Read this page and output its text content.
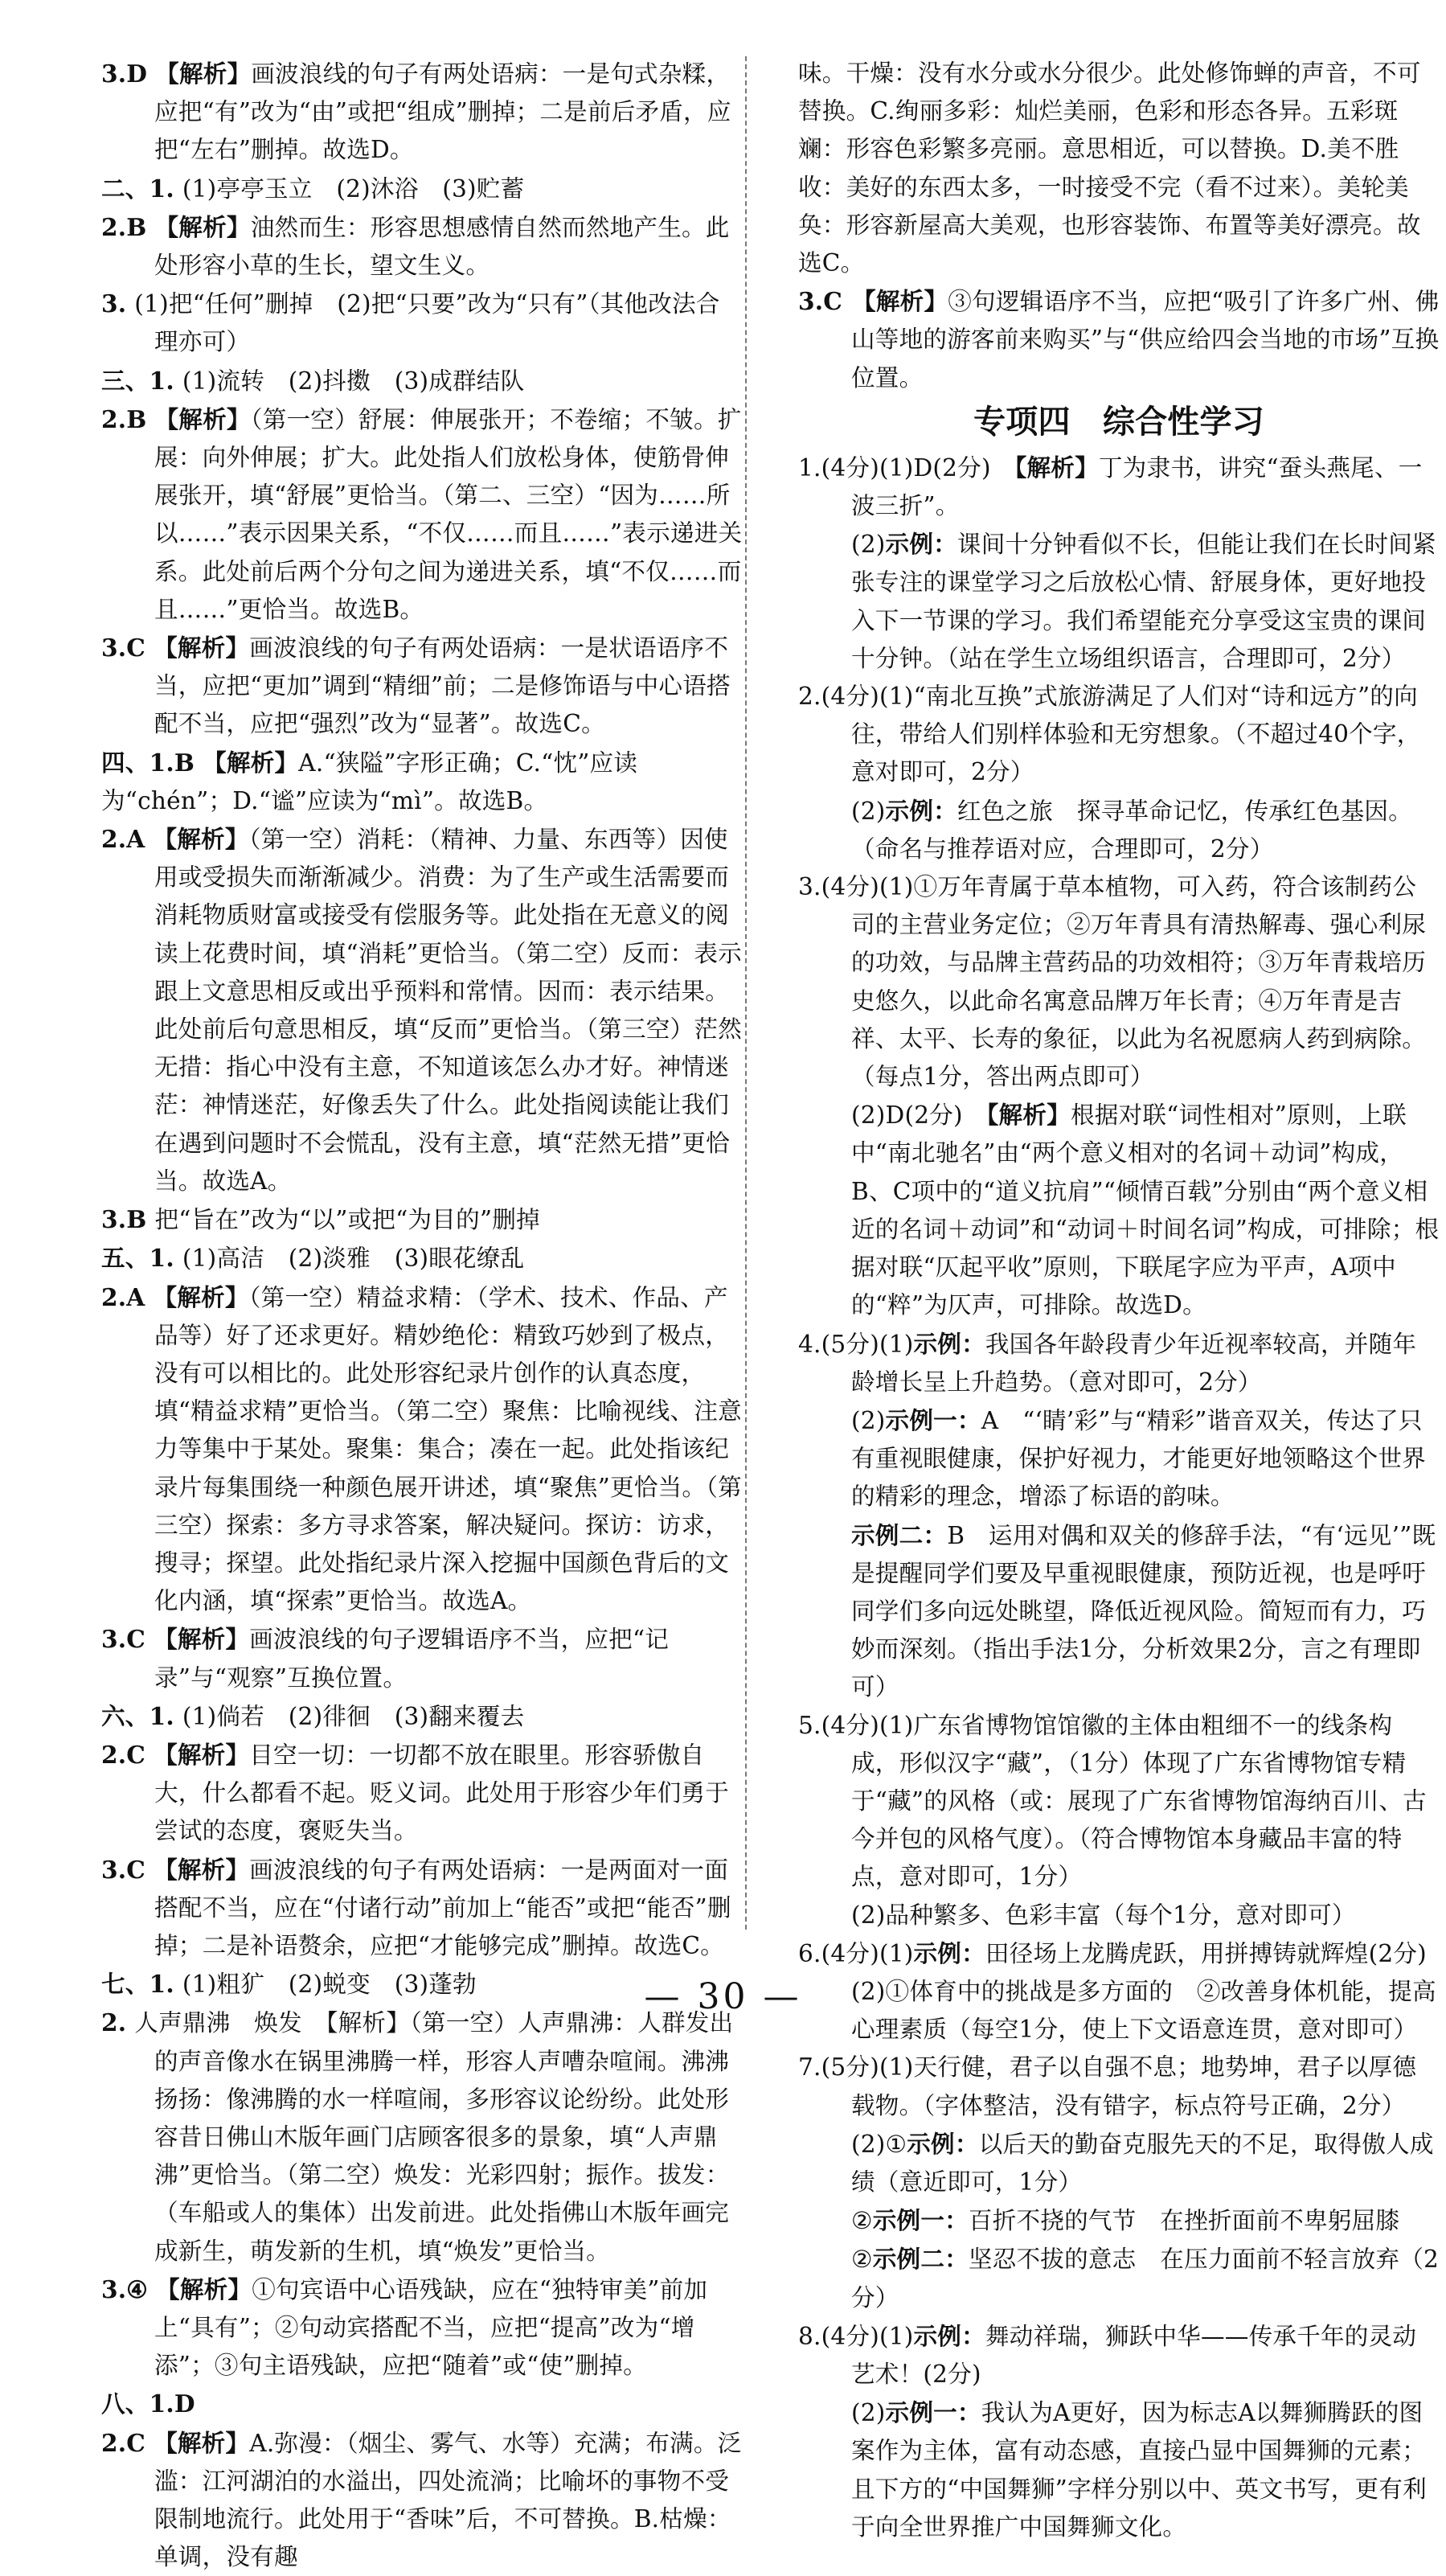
3.D 【解析】画波浪线的句子有两处语病：一是句式杂糅，应把“有”改为“由”或把“组成”删掉；二是前后矛盾，应把“左右”删掉。故选D。

二、1. (1)亭亭玉立　(2)沐浴　(3)贮蓄

2.B 【解析】油然而生：形容思想感情自然而然地产生。此处形容小草的生长，望文生义。

3. (1)把“任何”删掉　(2)把“只要”改为“只有”（其他改法合理亦可）

三、1. (1)流转　(2)抖擞　(3)成群结队

2.B 【解析】（第一空）舒展：伸展张开；不卷缩；不皱。扩展：向外伸展；扩大。此处指人们放松身体，使筋骨伸展张开，填“舒展”更恰当。（第二、三空）“因为……所以……”表示因果关系，“不仅……而且……”表示递进关系。此处前后两个分句之间为递进关系，填“不仅……而且……”更恰当。故选B。

3.C 【解析】画波浪线的句子有两处语病：一是状语语序不当，应把“更加”调到“精细”前；二是修饰语与中心语搭配不当，应把“强烈”改为“显著”。故选C。

四、1.B 【解析】A.“狭隘”字形正确；C.“忱”应读为“chén”；D.“谧”应读为“mì”。故选B。

2.A 【解析】（第一空）消耗：（精神、力量、东西等）因使用或受损失而渐渐减少。消费：为了生产或生活需要而消耗物质财富或接受有偿服务等。此处指在无意义的阅读上花费时间，填“消耗”更恰当。（第二空）反而：表示跟上文意思相反或出乎预料和常情。因而：表示结果。此处前后句意思相反，填“反而”更恰当。（第三空）茫然无措：指心中没有主意，不知道该怎么办才好。神情迷茫：神情迷茫，好像丢失了什么。此处指阅读能让我们在遇到问题时不会慌乱，没有主意，填“茫然无措”更恰当。故选A。

3.B 把“旨在”改为“以”或把“为目的”删掉

五、1. (1)高洁　(2)淡雅　(3)眼花缭乱

2.A 【解析】（第一空）精益求精：（学术、技术、作品、产品等）好了还求更好。精妙绝伦：精致巧妙到了极点，没有可以相比的。此处形容纪录片创作的认真态度，填“精益求精”更恰当。（第二空）聚焦：比喻视线、注意力等集中于某处。聚集：集合；凑在一起。此处指该纪录片每集围绕一种颜色展开讲述，填“聚焦”更恰当。（第三空）探索：多方寻求答案，解决疑问。探访：访求，搜寻；探望。此处指纪录片深入挖掘中国颜色背后的文化内涵，填“探索”更恰当。故选A。

3.C 【解析】画波浪线的句子逻辑语序不当，应把“记录”与“观察”互换位置。

六、1. (1)倘若　(2)徘徊　(3)翻来覆去

2.C 【解析】目空一切：一切都不放在眼里。形容骄傲自大，什么都看不起。贬义词。此处用于形容少年们勇于尝试的态度，褒贬失当。

3.C 【解析】画波浪线的句子有两处语病：一是两面对一面搭配不当，应在“付诸行动”前加上“能否”或把“能否”删掉；二是补语赘余，应把“才能够完成”删掉。故选C。

七、1. (1)粗犷　(2)蜕变　(3)蓬勃

2. 人声鼎沸　焕发　【解析】（第一空）人声鼎沸：人群发出的声音像水在锅里沸腾一样，形容人声嘈杂喧闹。沸沸扬扬：像沸腾的水一样喧闹，多形容议论纷纷。此处形容昔日佛山木版年画门店顾客很多的景象，填“人声鼎沸”更恰当。（第二空）焕发：光彩四射；振作。拔发：（车船或人的集体）出发前进。此处指佛山木版年画完成新生，萌发新的生机，填“焕发”更恰当。

3.④ 【解析】①句宾语中心语残缺，应在“独特审美”前加上“具有”；②句动宾搭配不当，应把“提高”改为“增添”；③句主语残缺，应把“随着”或“使”删掉。

八、1.D

2.C 【解析】A.弥漫：（烟尘、雾气、水等）充满；布满。泛滥：江河湖泊的水溢出，四处流淌；比喻坏的事物不受限制地流行。此处用于“香味”后，不可替换。B.枯燥：单调，没有趣

味。干燥：没有水分或水分很少。此处修饰蝉的声音，不可替换。C.绚丽多彩：灿烂美丽，色彩和形态各异。五彩斑斓：形容色彩繁多亮丽。意思相近，可以替换。D.美不胜收：美好的东西太多，一时接受不完（看不过来）。美轮美奂：形容新屋高大美观，也形容装饰、布置等美好漂亮。故选C。

3.C 【解析】③句逻辑语序不当，应把“吸引了许多广州、佛山等地的游客前来购买”与“供应给四会当地的市场”互换位置。

专项四　综合性学习

1.(4分)(1)D(2分)　【解析】丁为隶书，讲究“蚕头燕尾、一波三折”。

(2)示例：课间十分钟看似不长，但能让我们在长时间紧张专注的课堂学习之后放松心情、舒展身体，更好地投入下一节课的学习。我们希望能充分享受这宝贵的课间十分钟。（站在学生立场组织语言，合理即可，2分）

2.(4分)(1)“南北互换”式旅游满足了人们对“诗和远方”的向往，带给人们别样体验和无穷想象。（不超过40个字，意对即可，2分）

(2)示例：红色之旅　探寻革命记忆，传承红色基因。（命名与推荐语对应，合理即可，2分）

3.(4分)(1)①万年青属于草本植物，可入药，符合该制药公司的主营业务定位；②万年青具有清热解毒、强心利尿的功效，与品牌主营药品的功效相符；③万年青栽培历史悠久，以此命名寓意品牌万年长青；④万年青是吉祥、太平、长寿的象征，以此为名祝愿病人药到病除。（每点1分，答出两点即可）

(2)D(2分)　【解析】根据对联“词性相对”原则，上联中“南北驰名”由“两个意义相对的名词＋动词”构成，B、C项中的“道义抗肩”“倾情百载”分别由“两个意义相近的名词＋动词”和“动词＋时间名词”构成，可排除；根据对联“仄起平收”原则，下联尾字应为平声，A项中的“粹”为仄声，可排除。故选D。

4.(5分)(1)示例：我国各年龄段青少年近视率较高，并随年龄增长呈上升趋势。（意对即可，2分）

(2)示例一：A　“‘睛’彩”与“精彩”谐音双关，传达了只有重视眼健康，保护好视力，才能更好地领略这个世界的精彩的理念，增添了标语的韵味。

示例二：B　运用对偶和双关的修辞手法，“有‘远见’”既是提醒同学们要及早重视眼健康，预防近视，也是呼吁同学们多向远处眺望，降低近视风险。简短而有力，巧妙而深刻。（指出手法1分，分析效果2分，言之有理即可）

5.(4分)(1)广东省博物馆馆徽的主体由粗细不一的线条构成，形似汉字“藏”，（1分）体现了广东省博物馆专精于“藏”的风格（或：展现了广东省博物馆海纳百川、古今并包的风格气度）。（符合博物馆本身藏品丰富的特点，意对即可，1分）

(2)品种繁多、色彩丰富（每个1分，意对即可）

6.(4分)(1)示例：田径场上龙腾虎跃，用拼搏铸就辉煌(2分)

(2)①体育中的挑战是多方面的　②改善身体机能，提高心理素质（每空1分，使上下文语意连贯，意对即可）

7.(5分)(1)天行健，君子以自强不息；地势坤，君子以厚德载物。（字体整洁，没有错字，标点符号正确，2分）

(2)①示例：以后天的勤奋克服先天的不足，取得傲人成绩（意近即可，1分）

②示例一：百折不挠的气节　在挫折面前不卑躬屈膝

②示例二：坚忍不拔的意志　在压力面前不轻言放弃（2分）

8.(4分)(1)示例：舞动祥瑞，狮跃中华——传承千年的灵动艺术！(2分)

(2)示例一：我认为A更好，因为标志A以舞狮腾跃的图案作为主体，富有动态感，直接凸显中国舞狮的元素；且下方的“中国舞狮”字样分别以中、英文书写，更有利于向全世界推广中国舞狮文化。

— 30 —
